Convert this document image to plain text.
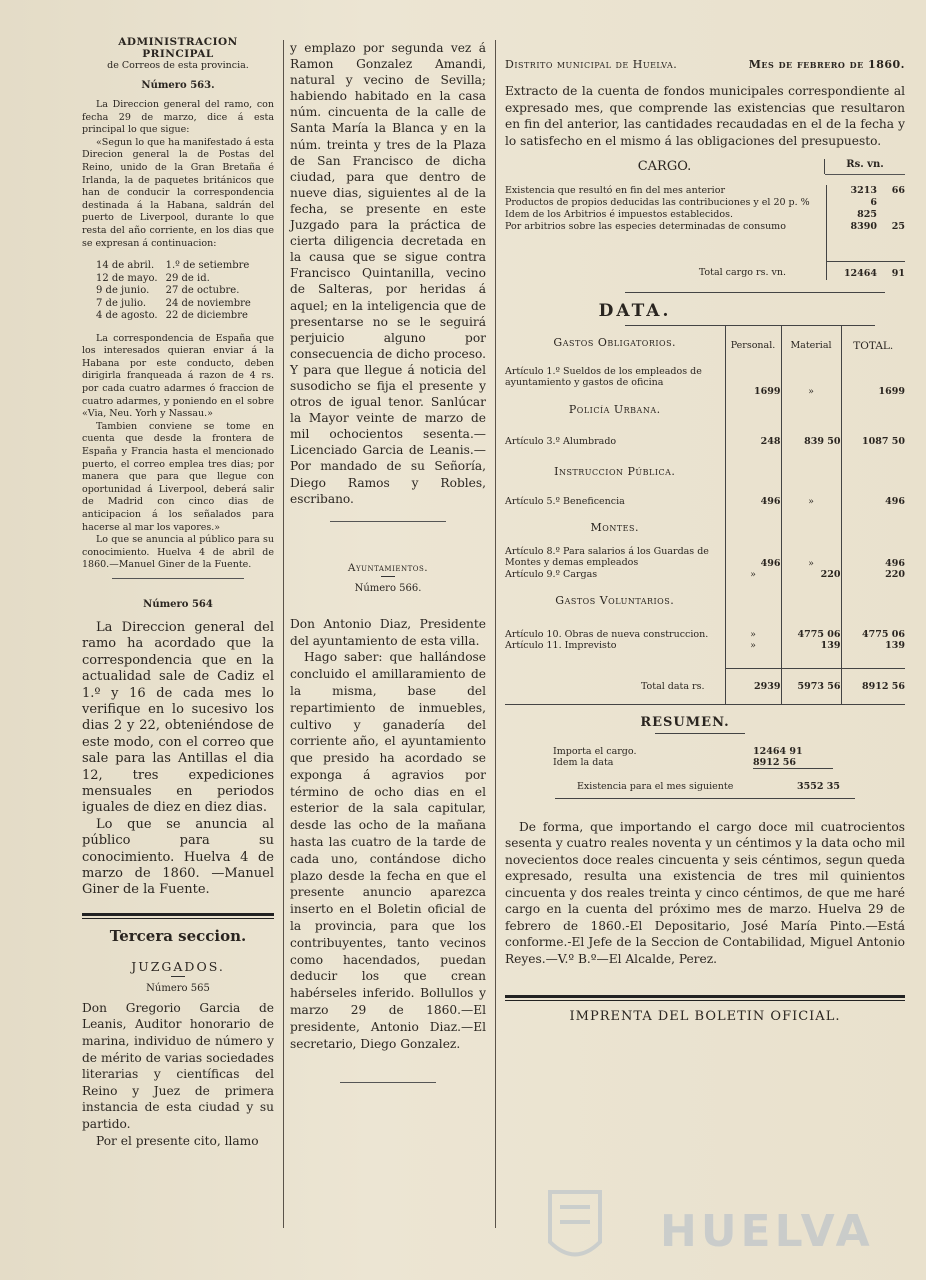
ADMINISTRACION PRINCIPAL
de Correos de esta provincia.
Número 563.

La Direccion general del ramo, con fecha 29 de marzo, dice á esta principal lo que sigue:

«Segun lo que ha manifestado á esta Direcion general la de Postas del Reino, unido de la Gran Bretaña é Irlanda, la de paquetes británicos que han de conducir la correspondencia destinada á la Habana, saldrán del puerto de Liverpool, durante lo que resta del año corriente, en los dias que se expresan á continuacion:

14 de abril.	1.º de setiembre
12 de mayo.	29 de id.
9 de junio.	27 de octubre.
7 de julio.	24 de noviembre
4 de agosto.	22 de diciembre

La correspondencia de España que los interesados quieran enviar á la Habana por este conducto, deben dirigirla franqueada á razon de 4 rs. por cada cuatro adarmes ó fraccion de cuatro adarmes, y poniendo en el sobre «Via, Neu. Yorh y Nassau.»

Tambien conviene se tome en cuenta que desde la frontera de España y Francia hasta el mencionado puerto, el correo emplea tres dias; por manera que para que llegue con oportunidad á Liverpool, deberá salir de Madrid con cinco dias de anticipacion á los señalados para hacerse al mar los vapores.»

Lo que se anuncia al público para su conocimiento. Huelva 4 de abril de 1860.—Manuel Giner de la Fuente.

Número 564

La Direccion general del ramo ha acordado que la correspondencia que en la actualidad sale de Cadiz el 1.º y 16 de cada mes lo verifique en lo sucesivo los dias 2 y 22, obteniéndose de este modo, con el correo que sale para las Antillas el dia 12, tres expediciones mensuales en periodos iguales de diez en diez dias.

Lo que se anuncia al público para su conocimiento. Huelva 4 de marzo de 1860. —Manuel Giner de la Fuente.

Tercera seccion.
JUZGADOS.
Número 565

Don Gregorio Garcia de Leanis, Auditor honorario de marina, individuo de número y de mérito de varias sociedades literarias y científicas del Reino y Juez de primera instancia de esta ciudad y su partido.

Por el presente cito, llamo

y emplazo por segunda vez á Ramon Gonzalez Amandi, natural y vecino de Sevilla; habiendo habitado en la casa núm. cincuenta de la calle de Santa María la Blanca y en la núm. treinta y tres de la Plaza de San Francisco de dicha ciudad, para que dentro de nueve dias, siguientes al de la fecha, se presente en este Juzgado para la práctica de cierta diligencia decretada en la causa que se sigue contra Francisco Quintanilla, vecino de Salteras, por heridas á aquel; en la inteligencia que de presentarse no se le seguirá perjuicio alguno por consecuencia de dicho proceso. Y para que llegue á noticia del susodicho se fija el presente y otros de igual tenor. Sanlúcar la Mayor veinte de marzo de mil ochocientos sesenta.—Licenciado Garcia de Leanis.—Por mandado de su Señoría, Diego Ramos y Robles, escribano.

Ayuntamientos.
Número 566.

Don Antonio Diaz, Presidente del ayuntamiento de esta villa.

Hago saber: que hallándose concluido el amillaramiento de la misma, base del repartimiento de inmuebles, cultivo y ganadería del corriente año, el ayuntamiento que presido ha acordado se exponga á agravios por término de ocho dias en el esterior de la sala capitular, desde las ocho de la mañana hasta las cuatro de la tarde de cada uno, contándose dicho plazo desde la fecha en que el presente anuncio aparezca inserto en el Boletin oficial de la provincia, para que los contribuyentes, tanto vecinos como hacendados, puedan deducir los que crean habérseles inferido. Bollullos y marzo 29 de 1860.—El presidente, Antonio Diaz.—El secretario, Diego Gonzalez.

Distrito municipal de Huelva.	Mes de febrero de 1860.

Extracto de la cuenta de fondos municipales correspondiente al expresado mes, que comprende las existencias que resultaron en fin del anterior, las cantidades recaudadas en el de la fecha y lo satisfecho en el mismo á las obligaciones del presupuesto.

CARGO.	Rs. vn.
Existencia que resultó en fin del mes anterior	3213	66
Productos de propios deducidas las contribuciones y el 20 p. %	6	
Idem de los Arbitrios é impuestos establecidos.	825	
Por arbitrios sobre las especies determinadas de consumo	8390	25

Total cargo rs. vn.	12464	91
DATA.
Gastos Obligatorios.	Personal.	Material	TOTAL.
Artículo 1.º Sueldos de los empleados de ayuntamiento y gastos de oficina	1699	»	1699
Policía Urbana.			
Artículo 3.º Alumbrado	248	839 50	1087 50
Instruccion Pública.			
Artículo 5.º Beneficencia	496	»	496
Montes.			
Artículo 8.º Para salarios á los Guardas de Montes y demas empleados	496	»	496
Artículo 9.º Cargas	»	220	220
Gastos Voluntarios.			
Artículo 10. Obras de nueva construccion.	»	4775 06	4775 06
Artículo 11. Imprevisto	»	139	139
Total data rs.	2939	5973 56	8912 56
RESUMEN.
Importa el cargo.	12464 91
Idem la data	8912 56
Existencia para el mes siguiente	3552 35

De forma, que importando el cargo doce mil cuatrocientos sesenta y cuatro reales noventa y un céntimos y la data ocho mil novecientos doce reales cincuenta y seis céntimos, segun queda expresado, resulta una existencia de tres mil quinientos cincuenta y dos reales treinta y cinco céntimos, de que me haré cargo en la cuenta del próximo mes de marzo. Huelva 29 de febrero de 1860.-El Depositario, José María Pinto.—Está conforme.-El Jefe de la Seccion de Contabilidad, Miguel Antonio Reyes.—V.º B.º—El Alcalde, Perez.

IMPRENTA DEL BOLETIN OFICIAL.
HUELVA
